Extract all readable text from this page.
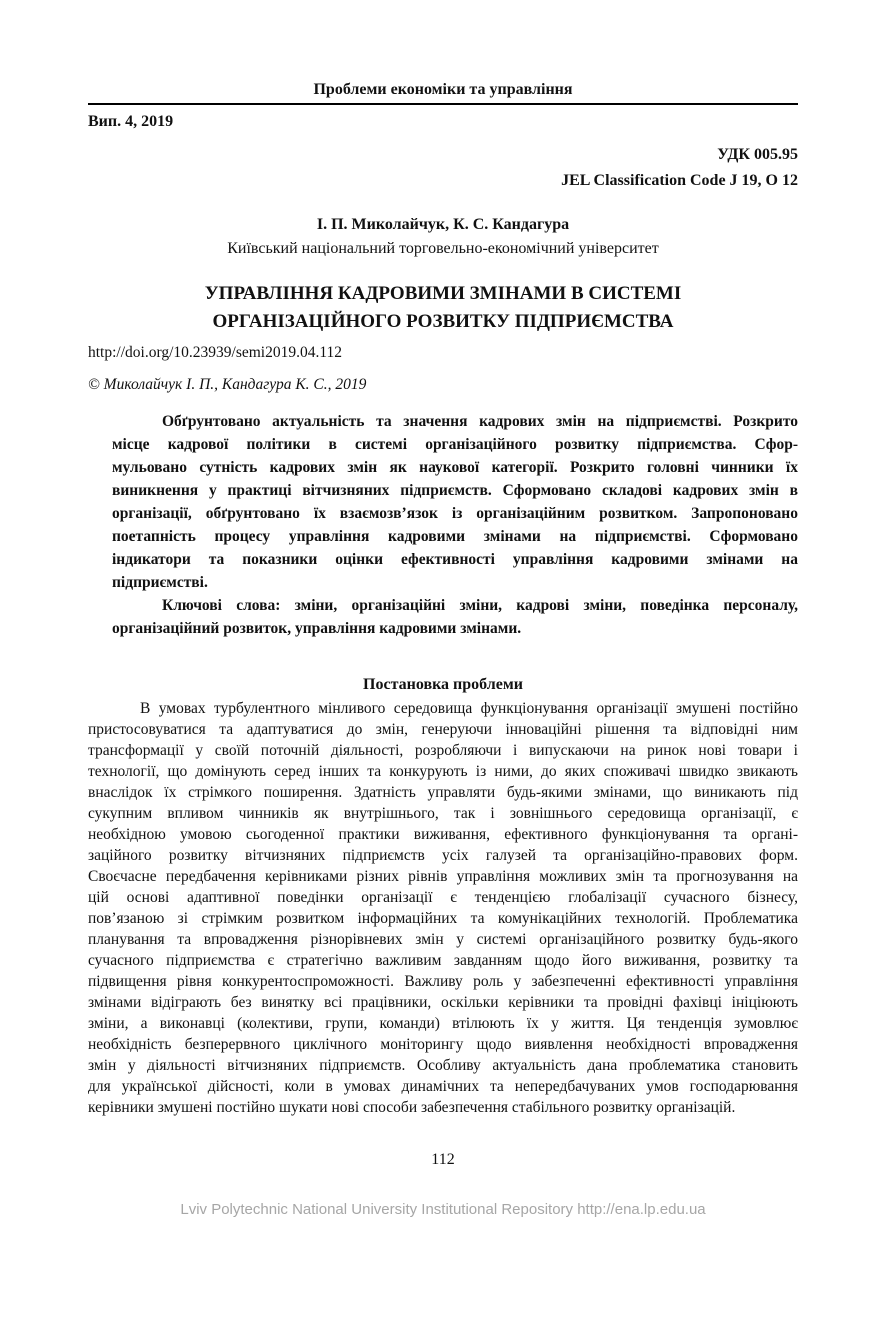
Проблеми економіки та управління
Вип. 4, 2019
УДК 005.95
JEL Classification Code J 19, O 12
І. П. Миколайчук, К. С. Кандагура
Київський національний торговельно-економічний університет
УПРАВЛІННЯ КАДРОВИМИ ЗМІНАМИ В СИСТЕМІ
ОРГАНІЗАЦІЙНОГО РОЗВИТКУ ПІДПРИЄМСТВА
http://doi.org/10.23939/semi2019.04.112
© Миколайчук І. П., Кандагура К. С., 2019
Обґрунтовано актуальність та значення кадрових змін на підприємстві. Розкрито
місце кадрової політики в системі організаційного розвитку підприємства. Сфор-
мульовано сутність кадрових змін як наукової категорії. Розкрито головні чинники їх
виникнення у практиці вітчизняних підприємств. Сформовано складові кадрових змін в
організації, обґрунтовано їх взаємозв’язок із організаційним розвитком. Запропоновано
поетапність процесу управління кадровими змінами на підприємстві. Сформовано
індикатори та показники оцінки ефективності управління кадровими змінами на
підприємстві.
Ключові слова: зміни, організаційні зміни, кадрові зміни, поведінка персоналу,
організаційний розвиток, управління кадровими змінами.
Постановка проблеми
В умовах турбулентного мінливого середовища функціонування організації змушені постійно
пристосовуватися та адаптуватися до змін, генеруючи інноваційні рішення та відповідні ним
трансформації у своїй поточній діяльності, розробляючи і випускаючи на ринок нові товари і
технології, що домінують серед інших та конкурують із ними, до яких споживачі швидко звикають
внаслідок їх стрімкого поширення. Здатність управляти будь-якими змінами, що виникають під
сукупним впливом чинників як внутрішнього, так і зовнішнього середовища організації, є
необхідною умовою сьогоденної практики виживання, ефективного функціонування та органі-
заційного розвитку вітчизняних підприємств усіх галузей та організаційно-правових форм.
Своєчасне передбачення керівниками різних рівнів управління можливих змін та прогнозування на
цій основі адаптивної поведінки організації є тенденцією глобалізації сучасного бізнесу,
пов’язаною зі стрімким розвитком інформаційних та комунікаційних технологій. Проблематика
планування та впровадження різнорівневих змін у системі організаційного розвитку будь-якого
сучасного підприємства є стратегічно важливим завданням щодо його виживання, розвитку та
підвищення рівня конкурентоспроможності. Важливу роль у забезпеченні ефективності управління
змінами відіграють без винятку всі працівники, оскільки керівники та провідні фахівці ініціюють
зміни, а виконавці (колективи, групи, команди) втілюють їх у життя. Ця тенденція зумовлює
необхідність безперервного циклічного моніторингу щодо виявлення необхідності впровадження
змін у діяльності вітчизняних підприємств. Особливу актуальність дана проблематика становить
для української дійсності, коли в умовах динамічних та непередбачуваних умов господарювання
керівники змушені постійно шукати нові способи забезпечення стабільного розвитку організацій.
112
Lviv Polytechnic National University Institutional Repository http://ena.lp.edu.ua
